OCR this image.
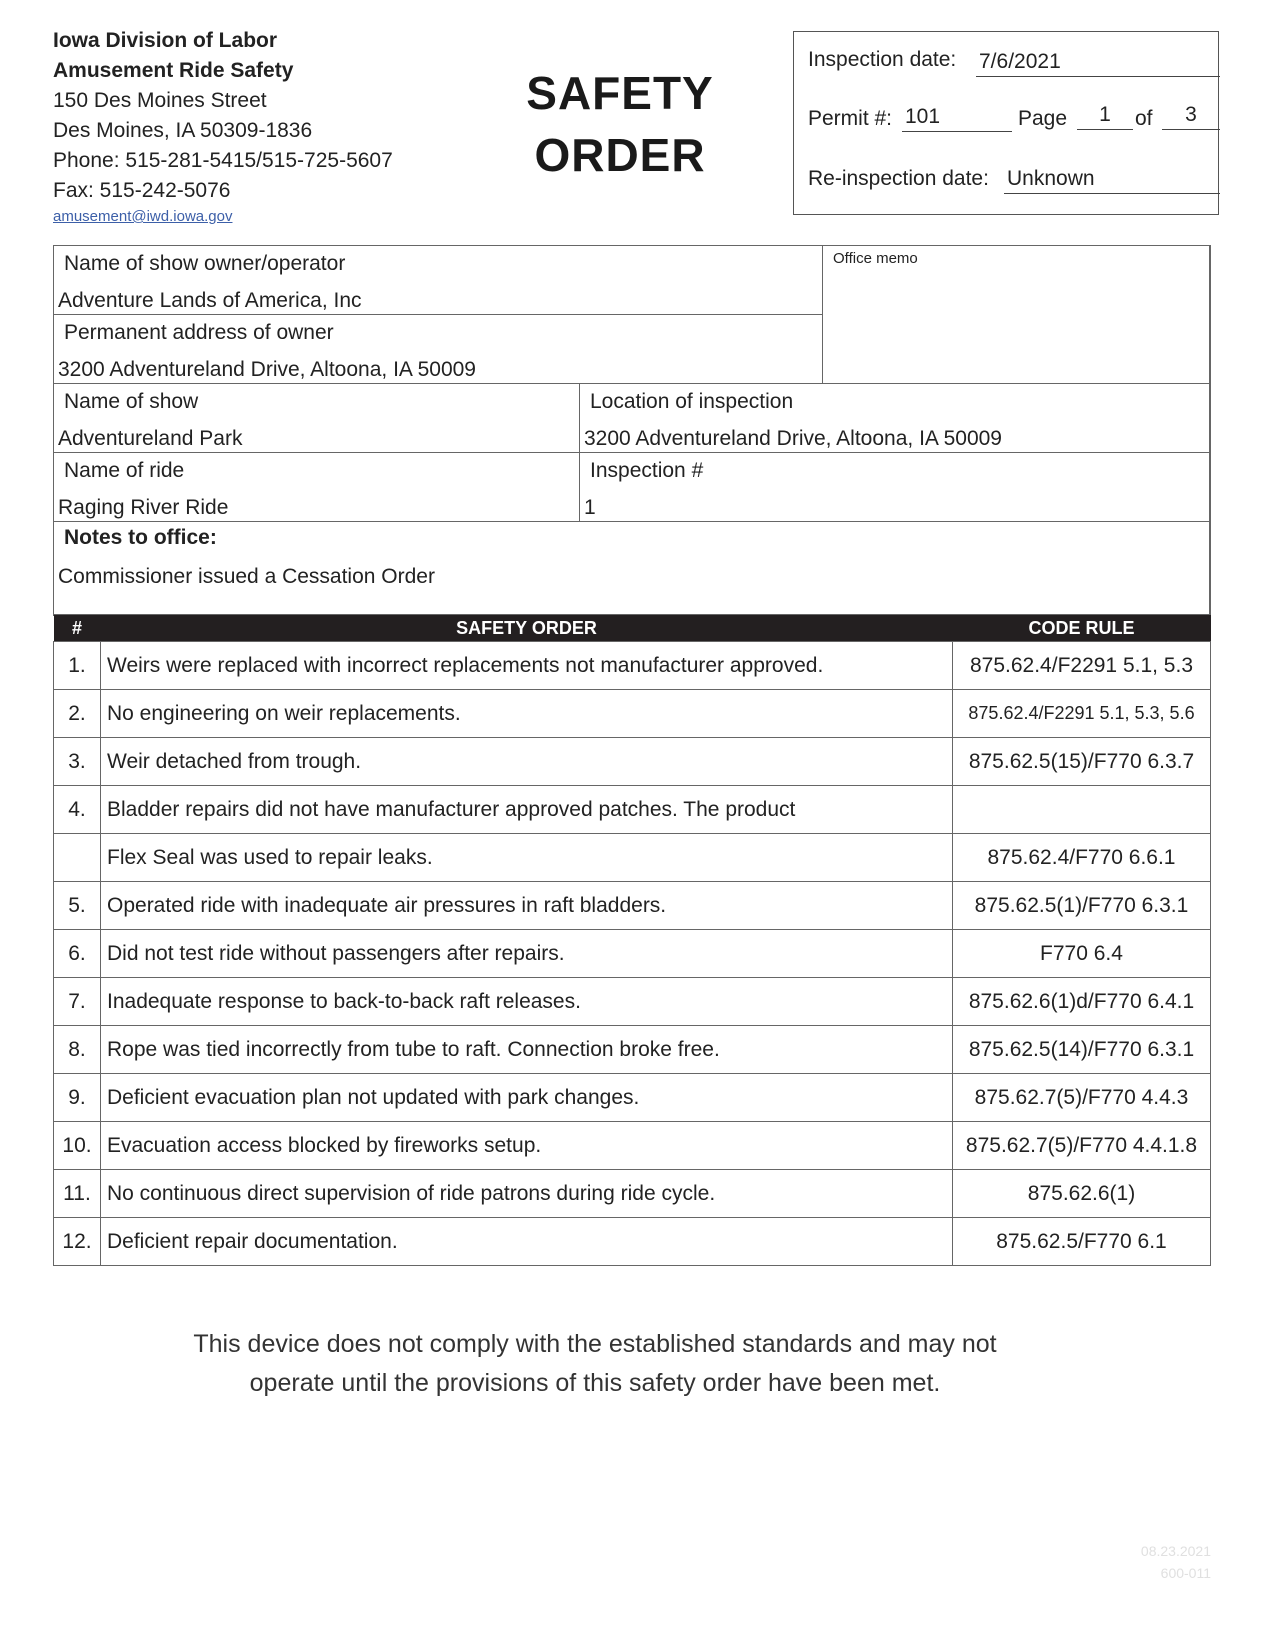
Iowa Division of Labor
Amusement Ride Safety
150 Des Moines Street
Des Moines, IA 50309-1836
Phone: 515-281-5415/515-725-5607
Fax: 515-242-5076
amusement@iwd.iowa.gov
SAFETY
ORDER
Inspection date: 7/6/2021
Permit #: 101	Page	1	of	3
Re-inspection date: Unknown
Name of show owner/operator
Adventure Lands of America, Inc
Permanent address of owner
3200 Adventureland Drive, Altoona, IA 50009
Office memo
Name of show
Adventureland Park
Location of inspection
3200 Adventureland Drive, Altoona, IA 50009
Name of ride
Raging River Ride
Inspection #
1
Notes to office:
Commissioner issued a Cessation Order
#	SAFETY ORDER	CODE RULE
1.	Weirs were replaced with incorrect replacements not manufacturer approved.	875.62.4/F2291 5.1, 5.3
2.	No engineering on weir replacements.	875.62.4/F2291 5.1, 5.3, 5.6
3.	Weir detached from trough.	875.62.5(15)/F770 6.3.7
4.	Bladder repairs did not have manufacturer approved patches. The product	
	Flex Seal was used to repair leaks.	875.62.4/F770 6.6.1
5.	Operated ride with inadequate air pressures in raft bladders.	875.62.5(1)/F770 6.3.1
6.	Did not test ride without passengers after repairs.	F770 6.4
7.	Inadequate response to back-to-back raft releases.	875.62.6(1)d/F770 6.4.1
8.	Rope was tied incorrectly from tube to raft. Connection broke free.	875.62.5(14)/F770 6.3.1
9.	Deficient evacuation plan not updated with park changes.	875.62.7(5)/F770 4.4.3
10.	Evacuation access blocked by fireworks setup.	875.62.7(5)/F770 4.4.1.8
11.	No continuous direct supervision of ride patrons during ride cycle.	875.62.6(1)
12.	Deficient repair documentation.	875.62.5/F770 6.1
This device does not comply with the established standards and may not
operate until the provisions of this safety order have been met.
08.23.2021
600-011
